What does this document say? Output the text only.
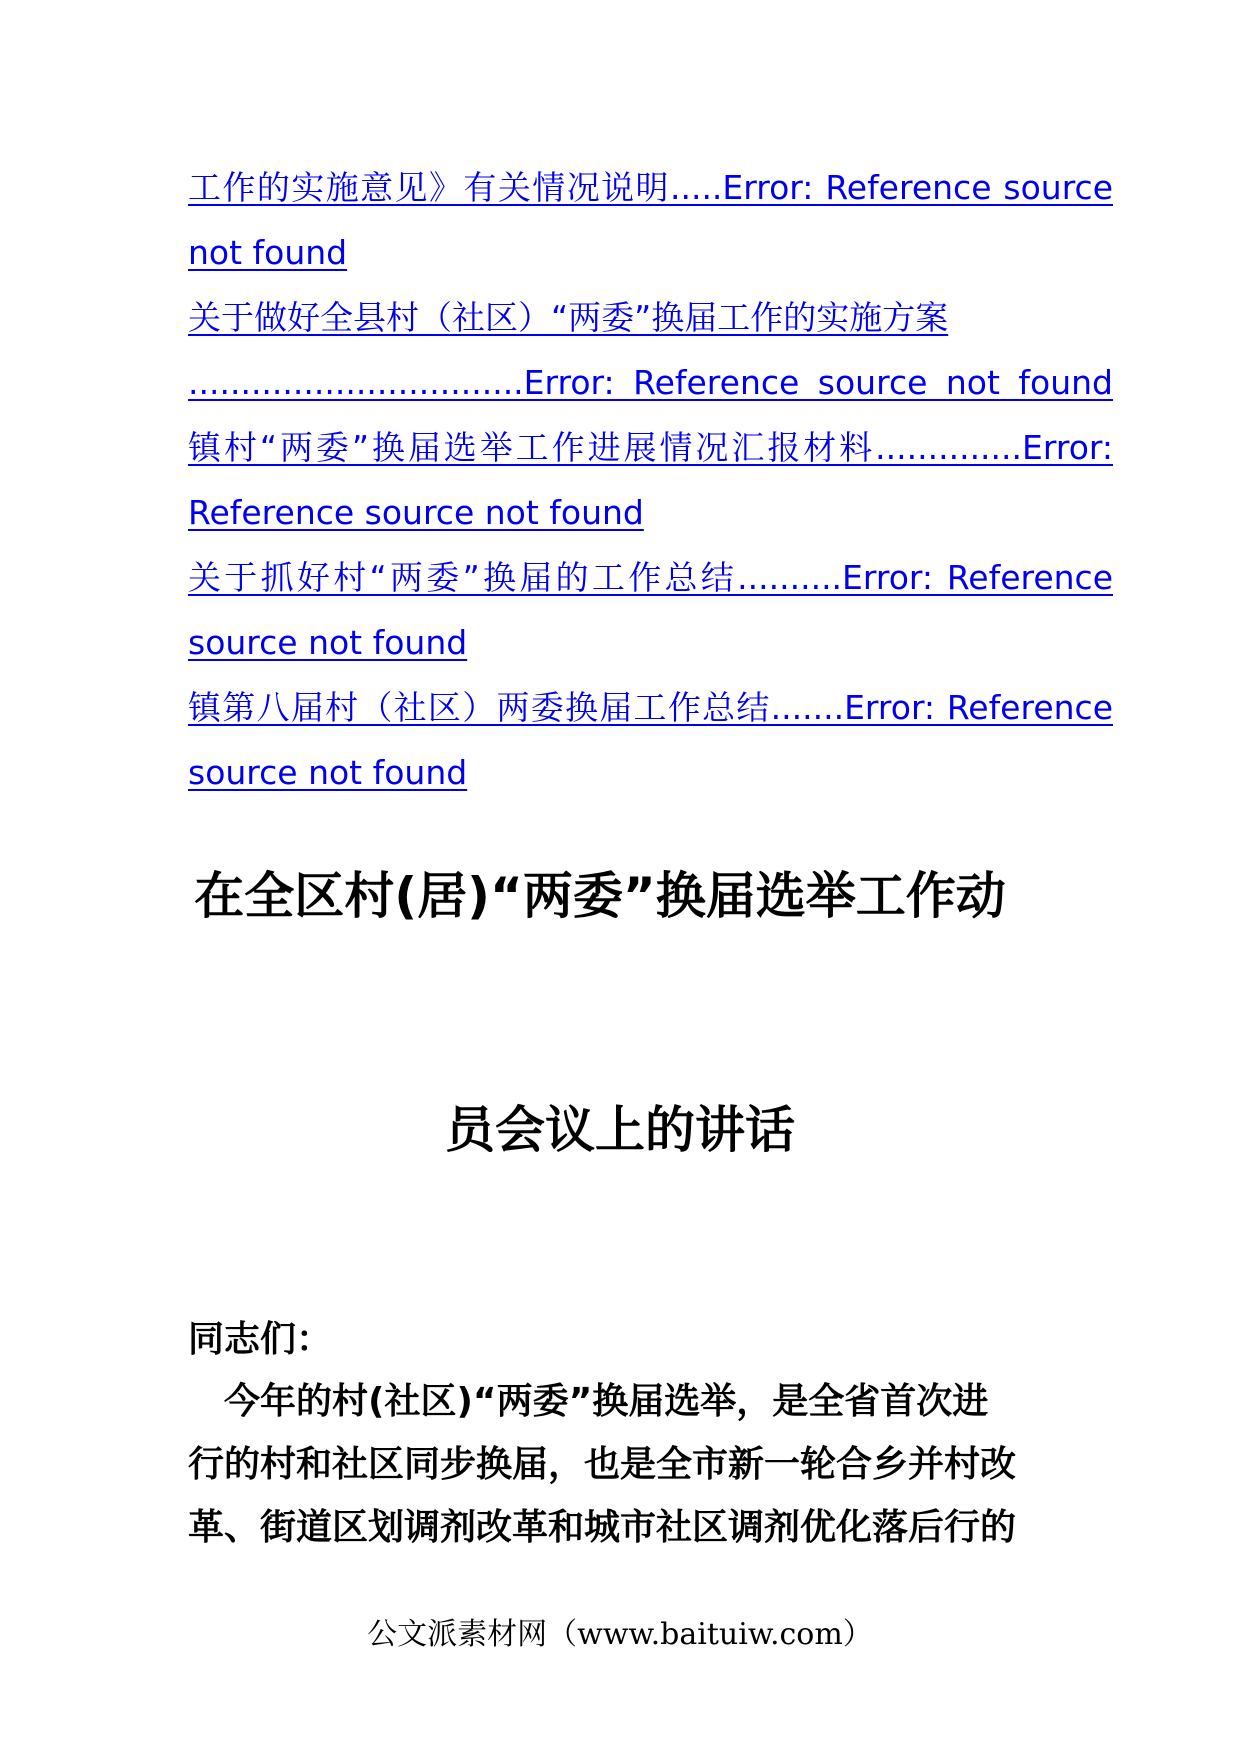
工作的实施意见》有关情况说明.....Error: Reference source
not found
关于做好全县村（社区）“两委”换届工作的实施方案
................................Error: Reference source not found
镇村“两委”换届选举工作进展情况汇报材料..............Error:
Reference source not found
关于抓好村“两委”换届的工作总结..........Error: Reference
source not found
镇第八届村（社区）两委换届工作总结.......Error: Reference
source not found
在全区村(居)“两委”换届选举工作动
员会议上的讲话
同志们：
今年的村(社区)“两委”换届选举，是全省首次进
行的村和社区同步换届，也是全市新一轮合乡并村改
革、街道区划调剂改革和城市社区调剂优化落后行的
公文派素材网（www.baituiw.com）
